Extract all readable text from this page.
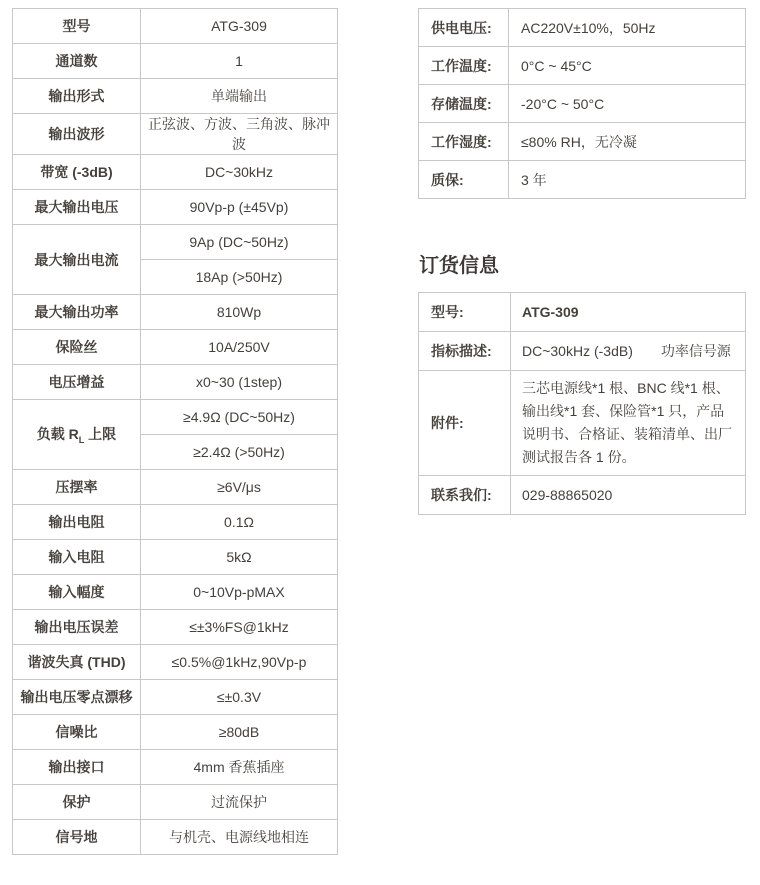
型号	ATG-309
通道数	1
输出形式	单端输出
输出波形	正弦波、方波、三角波、脉冲波
带宽 (-3dB)	DC~30kHz
最大输出电压	90Vp-p (±45Vp)
最大输出电流	9Ap (DC~50Hz)
	18Ap (>50Hz)
最大输出功率	810Wp
保险丝	10A/250V
电压增益	x0~30 (1step)
负载 $R_L$ 上限	≥4.9Ω (DC~50Hz)
	≥2.4Ω (>50Hz)
压摆率	≥6V/μs
输出电阻	0.1Ω
输入电阻	5kΩ
输入幅度	0~10Vp-pMAX
输出电压误差	≤±3%FS@1kHz
谐波失真 (THD)	≤0.5%@1kHz,90Vp-p
输出电压零点漂移	≤±0.3V
信噪比	≥80dB
输出接口	4mm 香蕉插座
保护	过流保护
信号地	与机壳、电源线地相连
供电电压:	AC220V±10%，50Hz
工作温度:	0°C ~ 45°C
存储温度:	-20°C ~ 50°C
工作湿度:	≤80% RH，无冷凝
质保:	3 年
订货信息
型号:	ATG-309
指标描述:	DC~30kHz (-3dB)　　功率信号源
附件:	三芯电源线*1 根、BNC 线*1 根、输出线*1 套、保险管*1 只，产品说明书、合格证、装箱清单、出厂测试报告各 1 份。
联系我们:	029-88865020
